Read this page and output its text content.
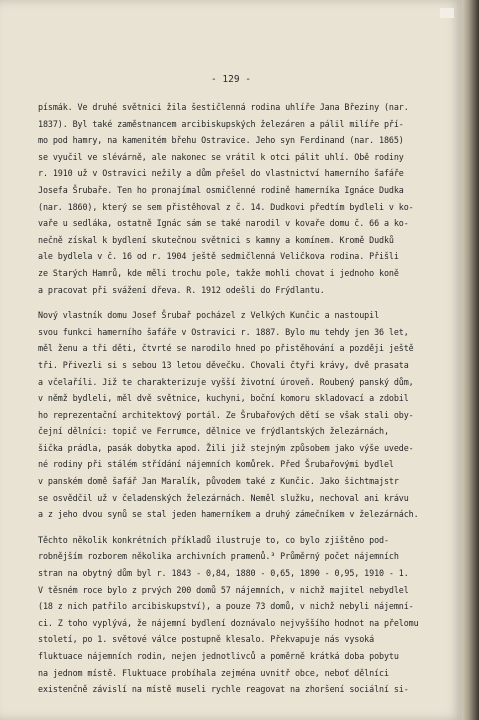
- 129 -
písmák. Ve druhé světnici žila šestičlenná rodina uhlíře Jana Březiny (nar.
1837). Byl také zaměstnancem arcibiskupských železáren a pálil milíře pří-
mo pod hamry, na kamenitém břehu Ostravice. Jeho syn Ferdinand (nar. 1865)
se vyučil ve slévárně, ale nakonec se vrátil k otci pálit uhlí. Obě rodiny
r. 1910 už v Ostravici nežily a dům přešel do vlastnictví hamerního šafáře
Josefa Šrubaře. Ten ho pronajímal osmičlenné rodině hamerníka Ignáce Dudka
(nar. 1860), který se sem přistěhoval z č. 14. Dudkovi předtím bydleli v ko-
vaře u sedláka, ostatně Ignác sám se také narodil v kovaře domu č. 66 a ko-
nečně získal k bydlení skutečnou světnici s kamny a komínem. Kromě Dudků
ale bydlela v č. 16 od r. 1904 ještě sedmičlenná Veličkova rodina. Přišli
ze Starých Hamrů, kde měli trochu pole, takže mohli chovat i jednoho koně
a pracovat při svážení dřeva. R. 1912 odešli do Frýdlantu.
Nový vlastník domu Josef Šrubař pocházel z Velkých Kunčic a nastoupil
svou funkci hamerního šafáře v Ostravici r. 1887. Bylo mu tehdy jen 36 let,
měl ženu a tři děti, čtvrté se narodilo hned po přistěhování a později ještě
tři. Přivezli si s sebou 13 letou děvečku. Chovali čtyři krávy, dvě prasata
a včelaříli. Již te charakterizuje vyšší životní úroveň. Roubený panský dům,
v němž bydleli, měl dvě světnice, kuchyni, boční komoru skladovací a zdobil
ho reprezentační architektový portál. Ze Šrubařových dětí se však stali oby-
čejní dělníci: topič ve Ferrumce, dělnice ve frýdlantských železárnách,
šička prádla, pasák dobytka apod. Žili již stejným způsobem jako výše uvede-
né rodiny při stálém střídání nájemních komůrek. Před Šrubařovými bydlel
v panském domě šafář Jan Maralík, původem také z Kunčic. Jako šichtmajstr
se osvědčil už v čeladenských železárnách. Neměl služku, nechoval ani krávu
a z jeho dvou synů se stal jeden hamerníkem a druhý zámečníkem v železárnách.
Těchto několik konkrétních příkladů ilustruje to, co bylo zjištěno pod-
robnějším rozborem několika archivních pramenů.³ Průměrný počet nájemních
stran na obytný dům byl r. 1843 - 0,84, 1880 - 0,65, 1890 - 0,95, 1910 - 1.
V těsném roce bylo z prvých 200 domů 57 nájemních, v nichž majitel nebydlel
(18 z nich patřilo arcibiskupství), a pouze 73 domů, v nichž nebyli nájemní-
ci. Z toho vyplývá, že nájemní bydlení doznávalo nejvyššího hodnot na přelomu
století, po 1. světové válce postupně klesalo. Překvapuje nás vysoká
fluktuace nájemních rodin, nejen jednotlivců a poměrně krátká doba pobytu
na jednom místě. Fluktuace probíhala zejména uvnitř obce, neboť dělníci
existenčně závislí na místě museli rychle reagovat na zhoršení sociální si-
